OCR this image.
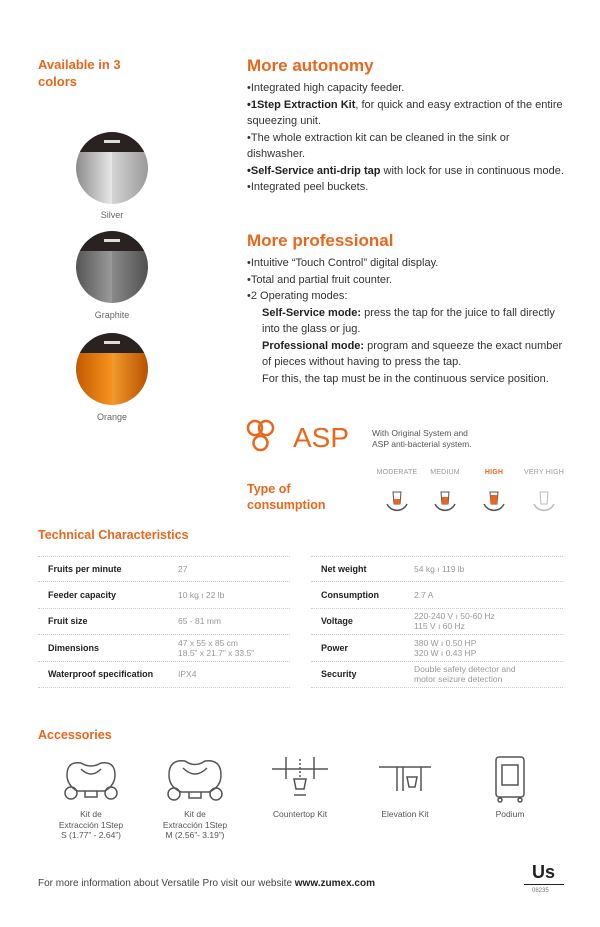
Available in 3 colors
Silver
Graphite
Orange
More autonomy

•Integrated high capacity feeder.

•1Step Extraction Kit, for quick and easy extraction of the entire squeezing unit.

•The whole extraction kit can be cleaned in the sink or dishwasher.

•Self-Service anti-drip tap with lock for use in continuous mode.

•Integrated peel buckets.

More professional

•Intuitive “Touch Control” digital display.

•Total and partial fruit counter.

•2 Operating modes:

Self-Service mode: press the tap for the juice to fall directly into the glass or jug.

Professional mode: program and squeeze the exact number of pieces without having to press the tap.

For this, the tap must be in the continuous service position.

ASP	With Original System and
ASP anti-bacterial system.
Type of consumption
MODERATE	MEDIUM	HIGH	VERY HIGH
Technical Characteristics
Fruits per minute	27
Feeder capacity	10 kg ı 22 lb
Fruit size	65 - 81 mm
Dimensions	47 x 55 x 85 cm
18.5” x 21.7” x 33.5”
Waterproof specification	IPX4
Net weight	54 kg ı 119 lb
Consumption	2.7 A
Voltage	220-240 V ı 50-60 Hz
115 V ı 60 Hz
Power	380 W ı 0.50 HP
320 W ı 0.43 HP
Security	Double safety detector and
motor seizure detection
Accessories
Kit de
Extracción 1Step
S (1.77” - 2.64”)
Kit de
Extracción 1Step
M (2.56”- 3.19”)
Countertop Kit	Elevation Kit	Podium
For more information about Versatile Pro visit our website www.zumex.com
Us
08235
